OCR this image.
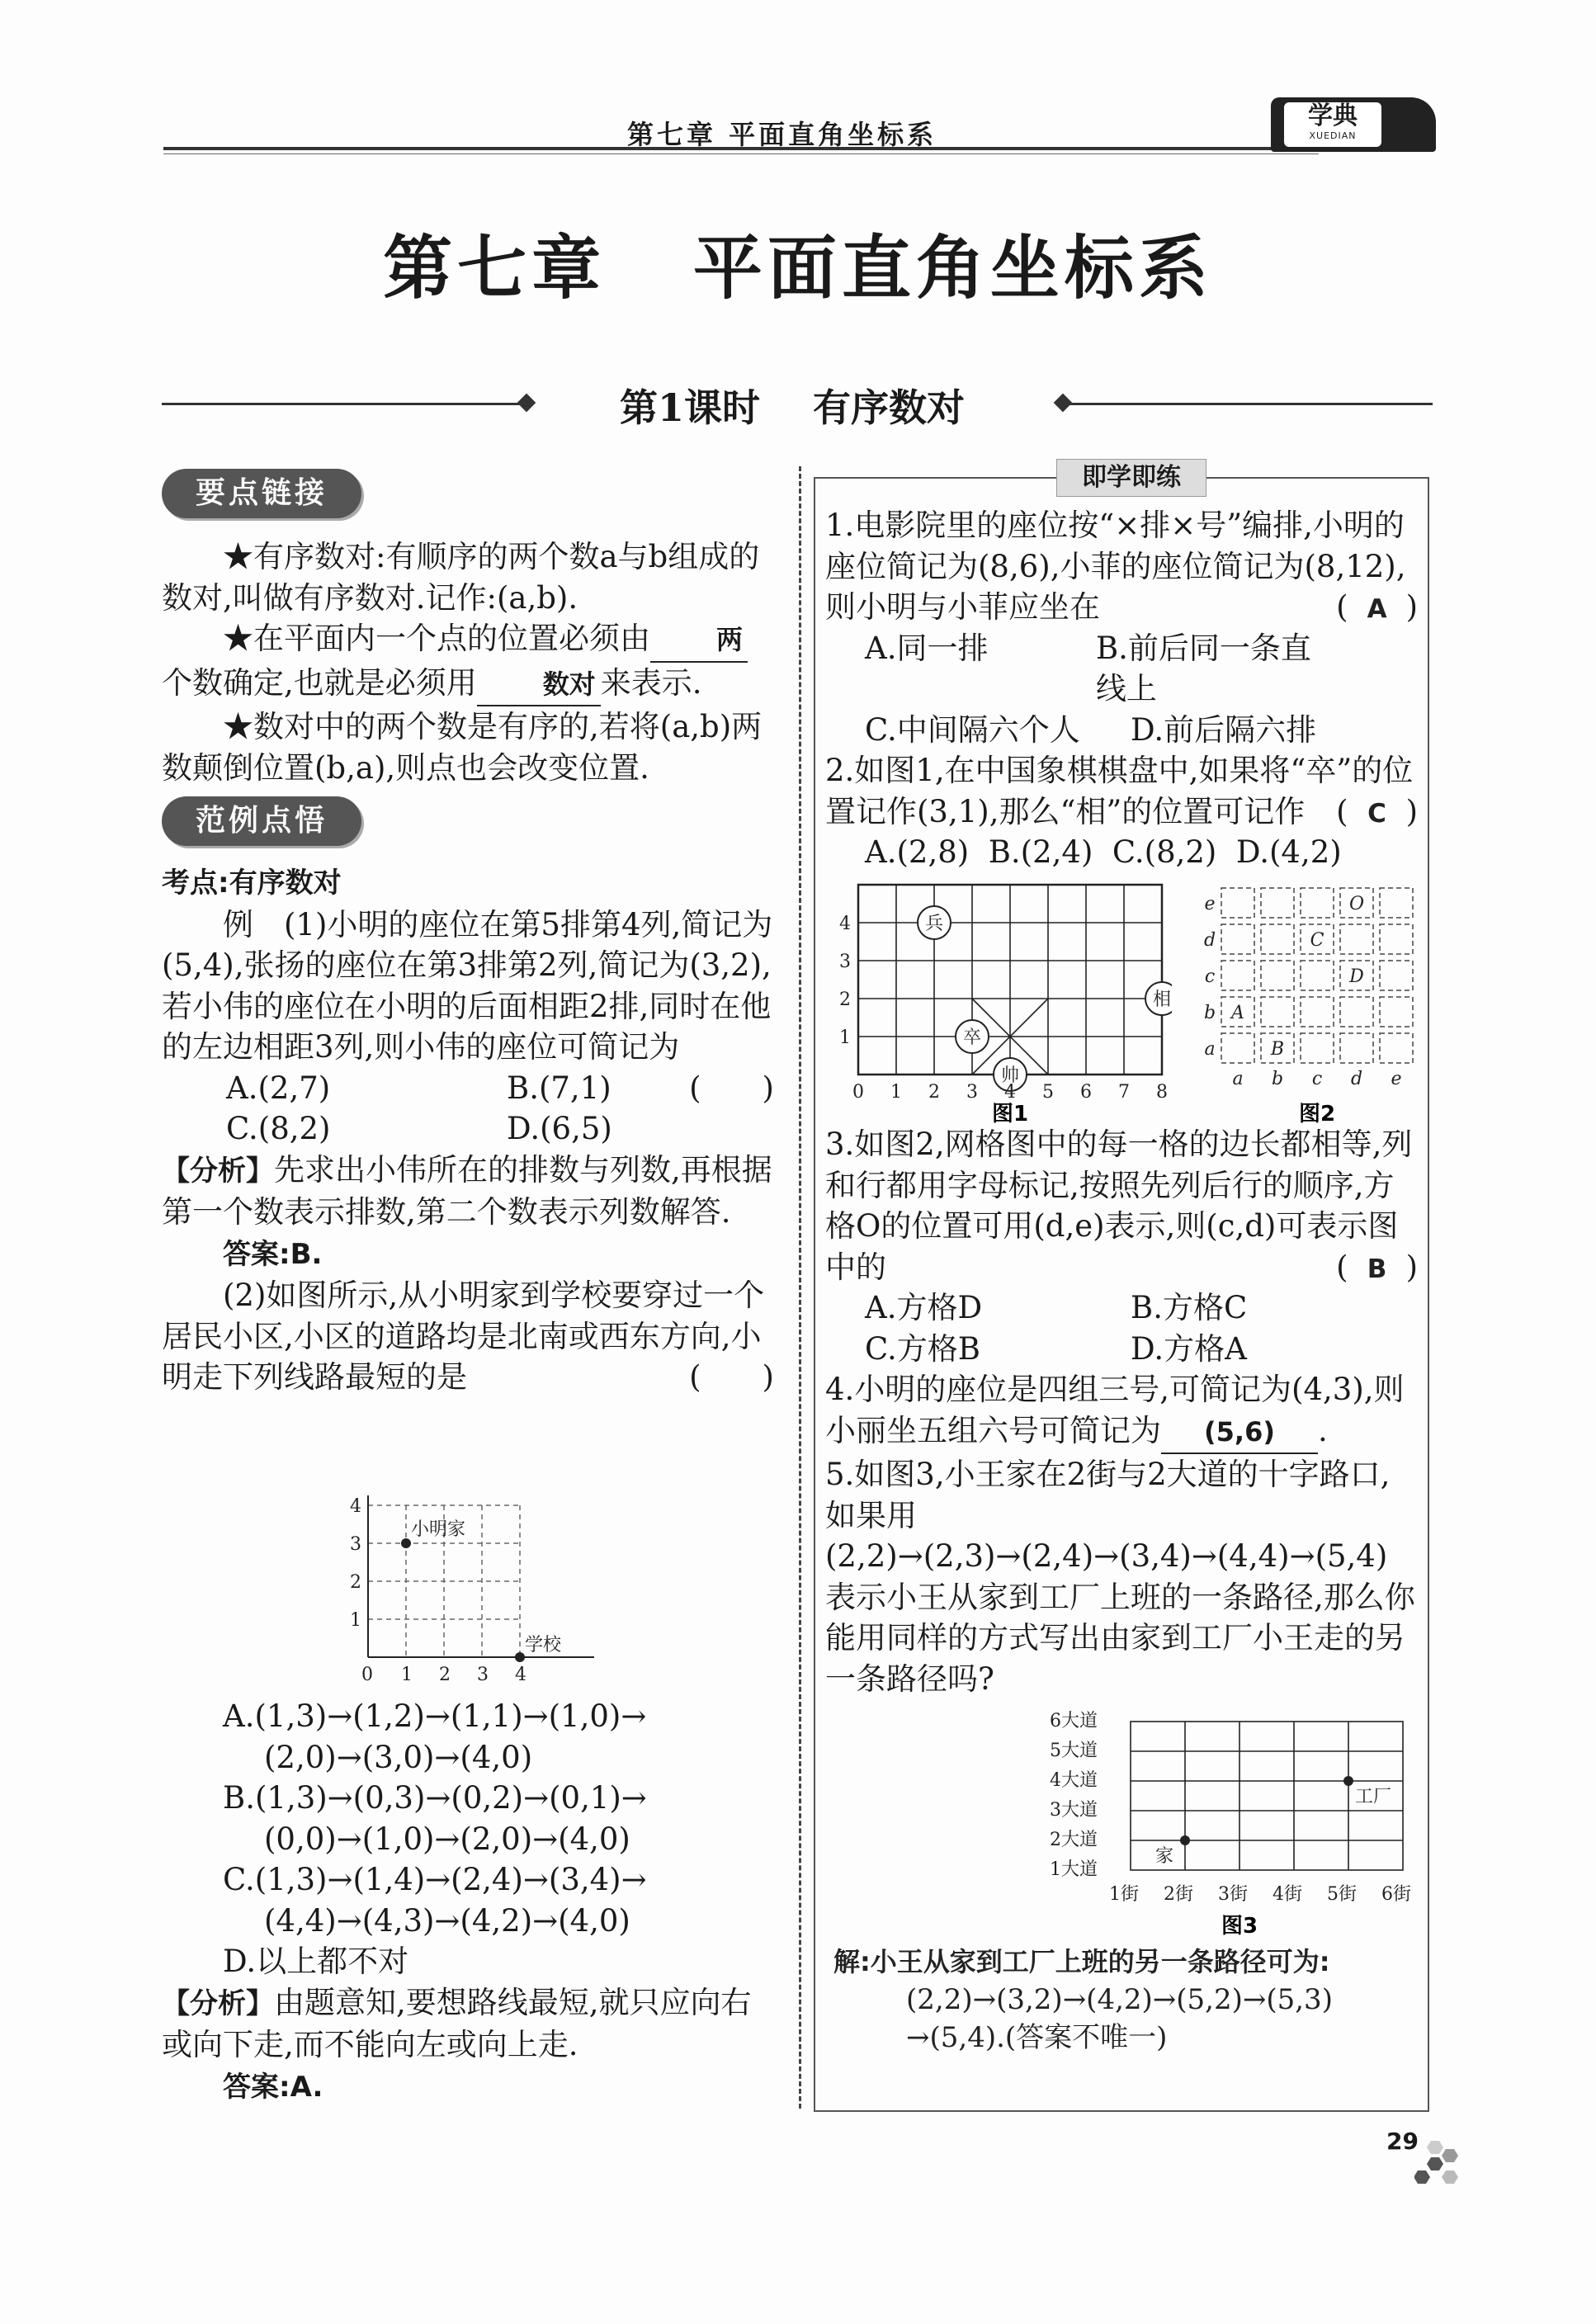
第七章 平面直角坐标系
学典
XUEDIAN
第七章   平面直角坐标系
第1课时    有序数对
要点链接

★有序数对:有顺序的两个数a与b组成的数对,叫做有序数对.记作:(a,b).

★在平面内一个点的位置必须由 两个数确定,也就是必须用 数对 来表示.

★数对中的两个数是有序的,若将(a,b)两数颠倒位置(b,a),则点也会改变位置.

范例点悟

考点:有序数对

例　(1)小明的座位在第5排第4列,简记为(5,4),张扬的座位在第3排第2列,简记为(3,2),若小伟的座位在小明的后面相距2排,同时在他的左边相距3列,则小伟的座位可简记为
(　　)

A.(2,7)	B.(7,1)
C.(8,2)	D.(6,5)

【分析】先求出小伟所在的排数与列数,再根据第一个数表示排数,第二个数表示列数解答.

答案:B.

(2)如图所示,从小明家到学校要穿过一个居民小区,小区的道路均是北南或西东方向,小明走下列线路最短的是	(　　)

小明家
学校
0 1 2 3 4
1
2
3
4

A.(1,3)→(1,2)→(1,1)→(1,0)→

(2,0)→(3,0)→(4,0)

B.(1,3)→(0,3)→(0,2)→(0,1)→

(0,0)→(1,0)→(2,0)→(4,0)

C.(1,3)→(1,4)→(2,4)→(3,4)→

(4,4)→(4,3)→(4,2)→(4,0)

D.以上都不对

【分析】由题意知,要想路线最短,就只应向右或向下走,而不能向左或向上走.

答案:A.

即学即练

1.电影院里的座位按“×排×号”编排,小明的座位简记为(8,6),小菲的座位简记为(8,12),则小明与小菲应坐在	( A )

A.同一排	B.前后同一条直线上
C.中间隔六个人	D.前后隔六排

2.如图1,在中国象棋棋盘中,如果将“卒”的位置记作(3,1),那么“相”的位置可记作 ( C )

A.(2,8)  B.(2,4)  C.(8,2)  D.(4,2)

兵
相
卒
帅
0 1 2 3 4 5 6 7 8
1
2
3
4
图1
e
d
c
b
a
a b c d e
O
C
D
A
B
图2

3.如图2,网格图中的每一格的边长都相等,列和行都用字母标记,按照先列后行的顺序,方格O的位置可用(d,e)表示,则(c,d)可表示图中的	( B )

A.方格D	B.方格C
C.方格B	D.方格A

4.小明的座位是四组三号,可简记为(4,3),则小丽坐五组六号可简记为 (5,6) .

5.如图3,小王家在2街与2大道的十字路口,如果用(2,2)→(2,3)→(2,4)→(3,4)→(4,4)→(5,4)表示小王从家到工厂上班的一条路径,那么你能用同样的方式写出由家到工厂小王走的另一条路径吗?

家
工厂
6大道
5大道
4大道
3大道
2大道
1大道
1街 2街 3街 4街 5街 6街
图3

解:小王从家到工厂上班的另一条路径可为:

(2,2)→(3,2)→(4,2)→(5,2)→(5,3)

→(5,4).(答案不唯一)

29
